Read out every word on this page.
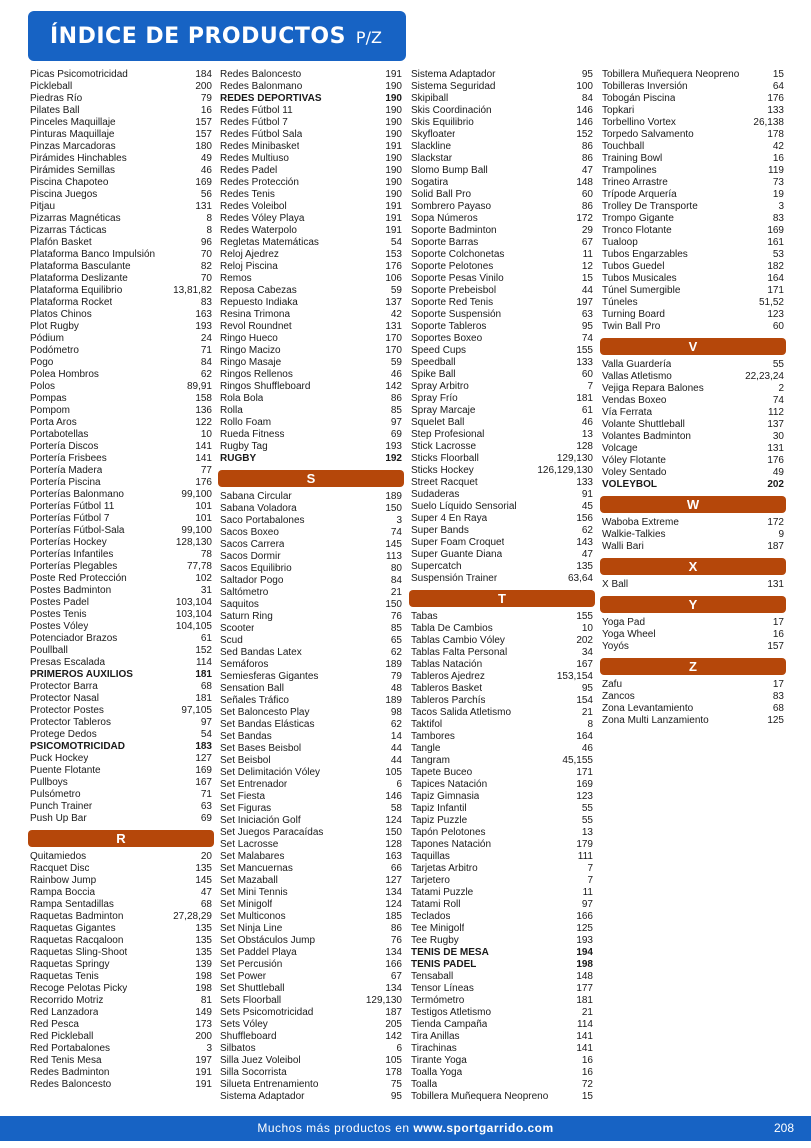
ÍNDICE DE PRODUCTOS P/Z
Picas Psicomotricidad	184
Pickleball	200
Piedras Río	79
Pilates Ball	16
Pinceles Maquillaje	157
Pinturas Maquillaje	157
Pinzas Marcadoras	180
Pirámides Hinchables	49
Pirámides Semillas	46
Piscina Chapoteo	169
Piscina Juegos	56
Pitjau	131
Pizarras Magnéticas	8
Pizarras Tácticas	8
Plafón Basket	96
Plataforma Banco Impulsión	70
Plataforma Basculante	82
Plataforma Deslizante	70
Plataforma Equilibrio	13,81,82
Plataforma Rocket	83
Platos Chinos	163
Plot Rugby	193
Pódium	24
Podómetro	71
Pogo	84
Polea Hombros	62
Polos	89,91
Pompas	158
Pompom	136
Porta Aros	122
Portabotellas	10
Portería Discos	141
Portería Frisbees	141
Portería Madera	77
Portería Piscina	176
Porterías Balonmano	99,100
Porterías Fútbol 11	101
Porterías Fútbol 7	101
Porterías Fútbol-Sala	99,100
Porterías Hockey	128,130
Porterías Infantiles	78
Porterías Plegables	77,78
Poste Red Protección	102
Postes Badminton	31
Postes Padel	103,104
Postes Tenis	103,104
Postes Vóley	104,105
Potenciador Brazos	61
Poullball	152
Presas Escalada	114
PRIMEROS AUXILIOS	181
Protector Barra	68
Protector Nasal	181
Protector Postes	97,105
Protector Tableros	97
Protege Dedos	54
PSICOMOTRICIDAD	183
Puck Hockey	127
Puente Flotante	169
Pullboys	167
Pulsómetro	71
Punch Trainer	63
Push Up Bar	69
R
Quitamiedos	20
Racquet Disc	135
Rainbow Jump	145
Rampa Boccia	47
Rampa Sentadillas	68
Raquetas Badminton	27,28,29
Raquetas Gigantes	135
Raquetas Racqaloon	135
Raquetas Sling-Shoot	135
Raquetas Springy	139
Raquetas Tenis	198
Recoge Pelotas Picky	198
Recorrido Motriz	81
Red Lanzadora	149
Red Pesca	173
Red Pickleball	200
Red Portabalones	3
Red Tenis Mesa	197
Redes Badminton	191
Redes Baloncesto	191
Redes Baloncesto	191
Redes Balonmano	190
REDES DEPORTIVAS	190
Redes Fútbol 11	190
Redes Fútbol 7	190
Redes Fútbol Sala	190
Redes Minibasket	191
Redes Multiuso	190
Redes Padel	190
Redes Protección	190
Redes Tenis	190
Redes Voleibol	191
Redes Vóley Playa	191
Redes Waterpolo	191
Regletas Matemáticas	54
Reloj Ajedrez	153
Reloj Piscina	176
Remos	106
Reposa Cabezas	59
Repuesto Indiaka	137
Resina Trimona	42
Revol Roundnet	131
Ringo Hueco	170
Ringo Macizo	170
Ringo Masaje	59
Ringos Rellenos	46
Ringos Shuffleboard	142
Rola Bola	86
Rolla	85
Rollo Foam	97
Rueda Fitness	69
Rugby Tag	193
RUGBY	192
S
Sabana Circular	189
Sabana Voladora	150
Saco Portabalones	3
Sacos Boxeo	74
Sacos Carrera	145
Sacos Dormir	113
Sacos Equilibrio	80
Saltador Pogo	84
Saltómetro	21
Saquitos	150
Saturn Ring	76
Scooter	85
Scud	65
Sed Bandas Latex	62
Semáforos	189
Semiesferas Gigantes	79
Sensation Ball	48
Señales Tráfico	189
Set Baloncesto Play	98
Set Bandas Elásticas	62
Set Bandas	14
Set Bases Beisbol	44
Set Beisbol	44
Set Delimitación Vóley	105
Set Entrenador	6
Set Fiesta	146
Set Figuras	58
Set Iniciación Golf	124
Set Juegos Paracaídas	150
Set Lacrosse	128
Set Malabares	163
Set Mancuernas	66
Set Mazaball	127
Set Mini Tennis	134
Set Minigolf	124
Set Multiconos	185
Set Ninja Line	86
Set Obstáculos Jump	76
Set Paddel Playa	134
Set Percusión	166
Set Power	67
Set Shuttleball	134
Sets Floorball	129,130
Sets Psicomotricidad	187
Sets Vóley	205
Shuffleboard	142
Silbatos	6
Silla Juez Voleibol	105
Silla Socorrista	178
Silueta Entrenamiento	75
Sistema Adaptador	95
Sistema Adaptador	95
Sistema Seguridad	100
Skipiball	84
Skis Coordinación	146
Skis Equilibrio	146
Skyfloater	152
Slackline	86
Slackstar	86
Slomo Bump Ball	47
Sogatira	148
Solid Ball Pro	60
Sombrero Payaso	86
Sopa Números	172
Soporte Badminton	29
Soporte Barras	67
Soporte Colchonetas	11
Soporte Pelotones	12
Soporte Pesas Vinilo	15
Soporte Prebeisbol	44
Soporte Red Tenis	197
Soporte Suspensión	63
Soporte Tableros	95
Soportes Boxeo	74
Speed Cups	155
Speedball	133
Spike Ball	60
Spray Arbitro	7
Spray Frío	181
Spray Marcaje	61
Squelet Ball	46
Step Profesional	13
Stick Lacrosse	128
Sticks Floorball	129,130
Sticks Hockey	126,129,130
Street Racquet	133
Sudaderas	91
Suelo Líquido Sensorial	45
Super 4 En Raya	156
Super Bands	62
Super Foam Croquet	143
Super Guante Diana	47
Supercatch	135
Suspensión Trainer	63,64
T
Tabas	155
Tabla De Cambios	10
Tablas Cambio Vóley	202
Tablas Falta Personal	34
Tablas Natación	167
Tableros Ajedrez	153,154
Tableros Basket	95
Tableros Parchís	154
Tacos Salida Atletismo	21
Taktifol	8
Tambores	164
Tangle	46
Tangram	45,155
Tapete Buceo	171
Tapices Natación	169
Tapiz Gimnasia	123
Tapiz Infantil	55
Tapiz Puzzle	55
Tapón Pelotones	13
Tapones Natación	179
Taquillas	111
Tarjetas Arbitro	7
Tarjetero	7
Tatami Puzzle	11
Tatami Roll	97
Teclados	166
Tee Minigolf	125
Tee Rugby	193
TENIS DE MESA	194
TENIS PADEL	198
Tensaball	148
Tensor Líneas	177
Termómetro	181
Testigos Atletismo	21
Tienda Campaña	114
Tira Anillas	141
Tirachinas	141
Tirante Yoga	16
Toalla Yoga	16
Toalla	72
Tobillera Muñequera Neopreno	15
Tobillera Muñequera Neopreno	15
Tobilleras Inversión	64
Tobogán Piscina	176
Topkari	133
Torbellino Vortex	26,138
Torpedo Salvamento	178
Touchball	42
Training Bowl	16
Trampolines	119
Trineo Arrastre	73
Trípode Arquería	19
Trolley De Transporte	3
Trompo Gigante	83
Tronco Flotante	169
Tualoop	161
Tubos Engarzables	53
Tubos Guedel	182
Tubos Musicales	164
Túnel Sumergible	171
Túneles	51,52
Turning Board	123
Twin Ball Pro	60
V
Valla Guardería	55
Vallas Atletismo	22,23,24
Vejiga Repara Balones	2
Vendas Boxeo	74
Vía Ferrata	112
Volante Shuttleball	137
Volantes Badminton	30
Volcage	131
Vóley Flotante	176
Voley Sentado	49
VOLEYBOL	202
W
Waboba Extreme	172
Walkie-Talkies	9
Walli Bari	187
X
X Ball	131
Y
Yoga Pad	17
Yoga Wheel	16
Yoyós	157
Z
Zafu	17
Zancos	83
Zona Levantamiento	68
Zona Multi Lanzamiento	125
Muchos más productos en www.sportgarrido.com	208
